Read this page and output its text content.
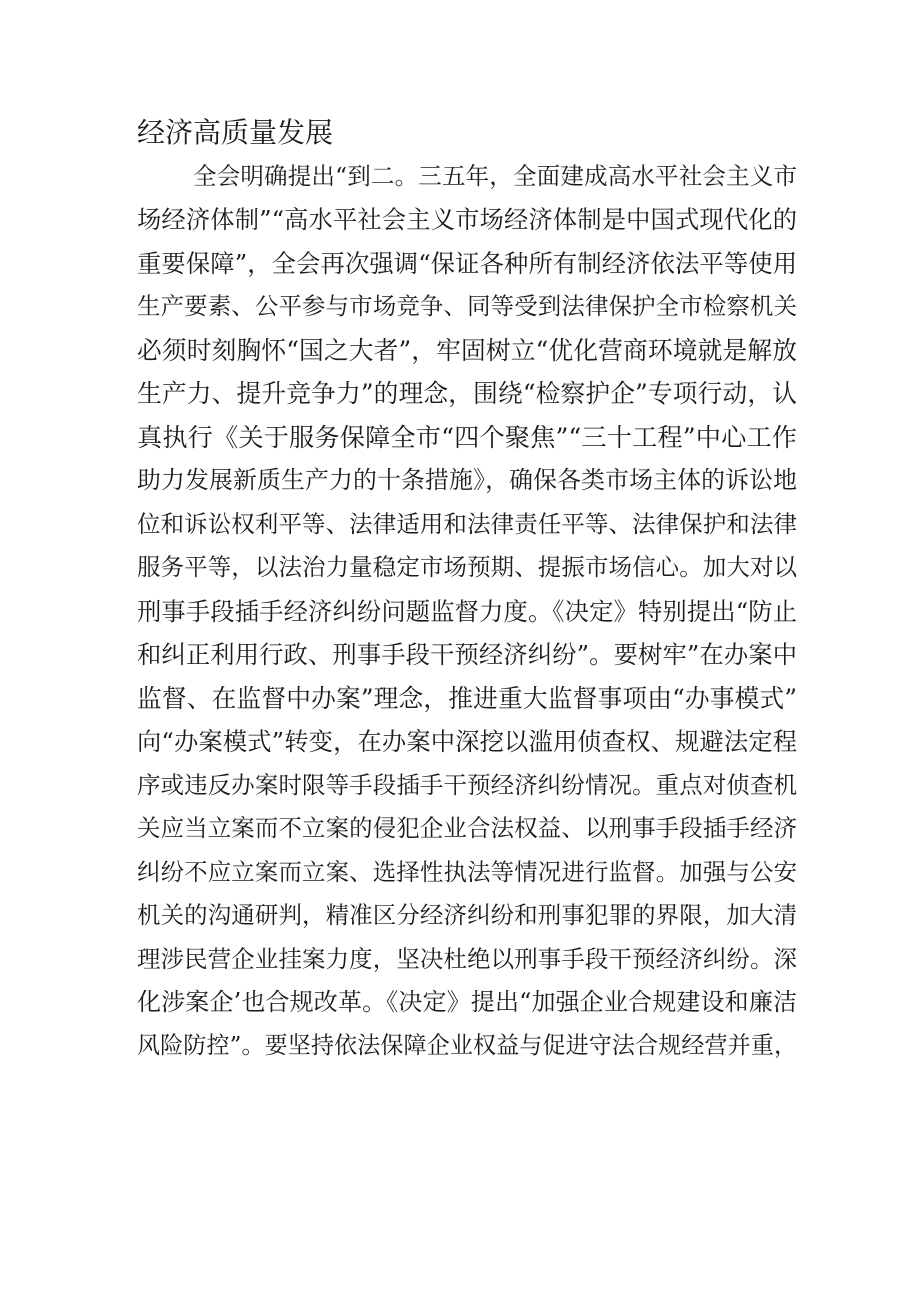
经济高质量发展
全会明确提出“到二。三五年，全面建成高水平社会主义市
场经济体制”“高水平社会主义市场经济体制是中国式现代化的
重要保障”，全会再次强调“保证各种所有制经济依法平等使用
生产要素、公平参与市场竞争、同等受到法律保护全市检察机关
必须时刻胸怀“国之大者”，牢固树立“优化营商环境就是解放
生产力、提升竞争力”的理念，围绕“检察护企”专项行动，认
真执行《关于服务保障全市“四个聚焦”“三十工程”中心工作
助力发展新质生产力的十条措施》，确保各类市场主体的诉讼地
位和诉讼权利平等、法律适用和法律责任平等、法律保护和法律
服务平等，以法治力量稳定市场预期、提振市场信心。加大对以
刑事手段插手经济纠纷问题监督力度。《决定》特别提出“防止
和纠正利用行政、刑事手段干预经济纠纷”。要树牢”在办案中
监督、在监督中办案”理念，推进重大监督事项由“办事模式”
向“办案模式”转变，在办案中深挖以滥用侦查权、规避法定程
序或违反办案时限等手段插手干预经济纠纷情况。重点对侦查机
关应当立案而不立案的侵犯企业合法权益、以刑事手段插手经济
纠纷不应立案而立案、选择性执法等情况进行监督。加强与公安
机关的沟通研判，精准区分经济纠纷和刑事犯罪的界限，加大清
理涉民营企业挂案力度，坚决杜绝以刑事手段干预经济纠纷。深
化涉案企’也合规改革。《决定》提出“加强企业合规建设和廉洁
风险防控”。要坚持依法保障企业权益与促进守法合规经营并重，
